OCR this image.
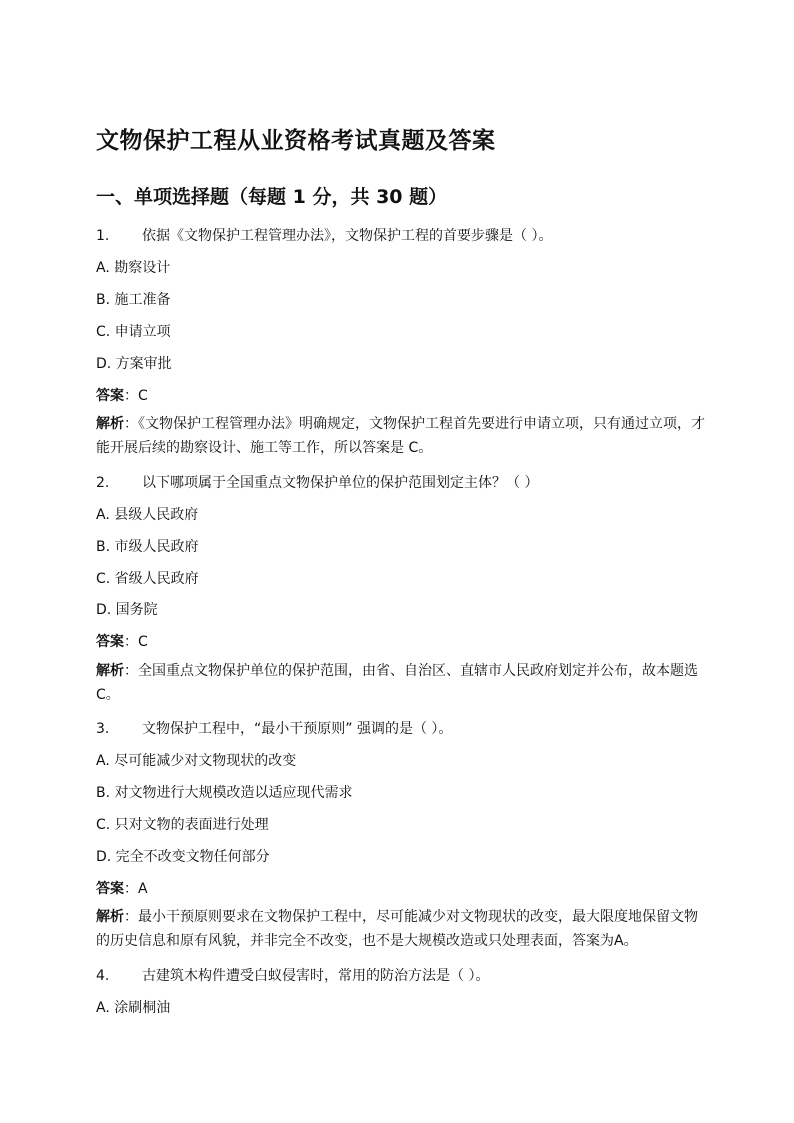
文物保护工程从业资格考试真题及答案
一、单项选择题（每题 1 分，共 30 题）
1. 依据《文物保护工程管理办法》，文物保护工程的首要步骤是（ ）。
A. 勘察设计
B. 施工准备
C. 申请立项
D. 方案审批
答案：C
解析：《文物保护工程管理办法》明确规定，文物保护工程首先要进行申请立项，只有通过立项，才能开展后续的勘察设计、施工等工作，所以答案是 C。
2. 以下哪项属于全国重点文物保护单位的保护范围划定主体？（ ）
A. 县级人民政府
B. 市级人民政府
C. 省级人民政府
D. 国务院
答案：C
解析：全国重点文物保护单位的保护范围，由省、自治区、直辖市人民政府划定并公布，故本题选 C。
3. 文物保护工程中，“最小干预原则” 强调的是（ ）。
A. 尽可能减少对文物现状的改变
B. 对文物进行大规模改造以适应现代需求
C. 只对文物的表面进行处理
D. 完全不改变文物任何部分
答案：A
解析：最小干预原则要求在文物保护工程中，尽可能减少对文物现状的改变，最大限度地保留文物的历史信息和原有风貌，并非完全不改变，也不是大规模改造或只处理表面，答案为A。
4. 古建筑木构件遭受白蚁侵害时，常用的防治方法是（ ）。
A. 涂刷桐油
